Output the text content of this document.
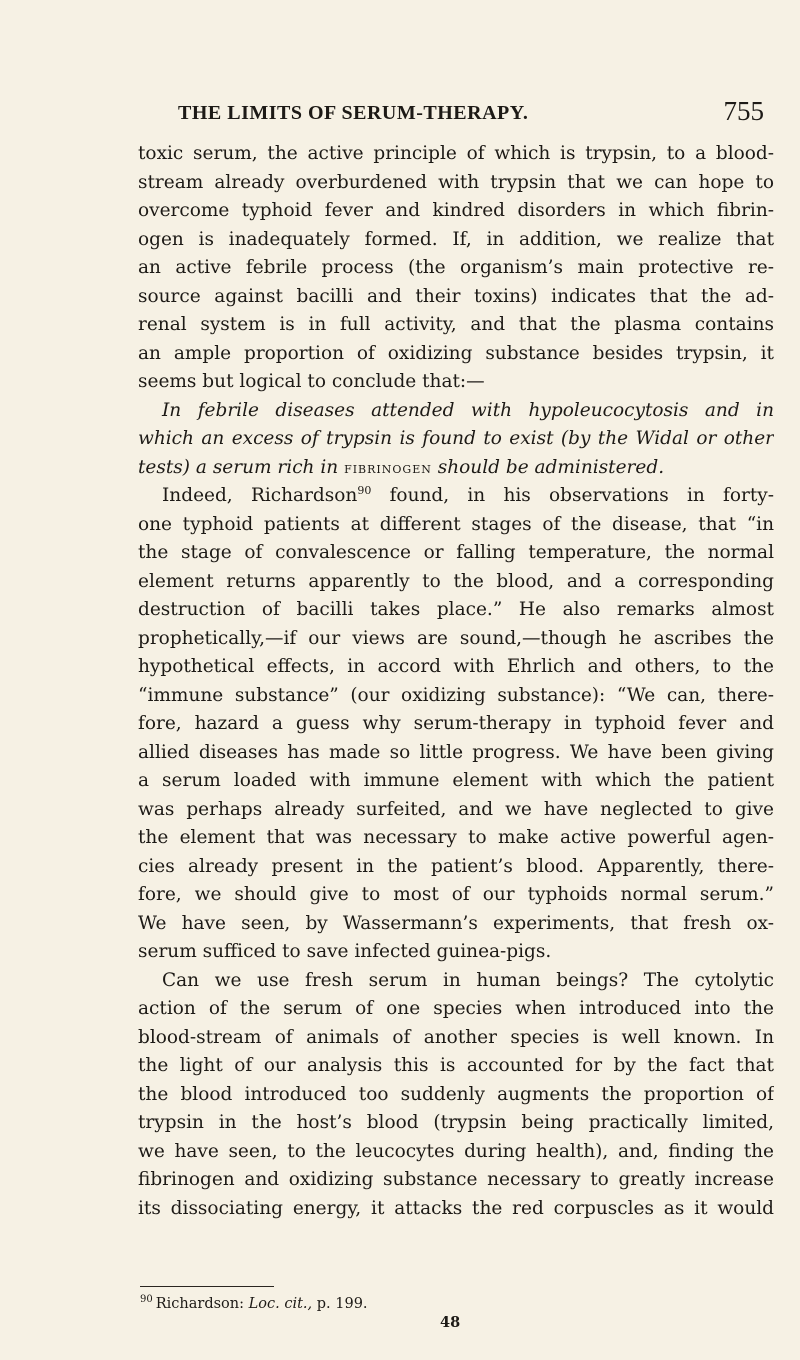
THE LIMITS OF SERUM-THERAPY.	755
toxic serum, the active principle of which is trypsin, to a blood-
stream already overburdened with trypsin that we can hope to
overcome typhoid fever and kindred disorders in which fibrin-
ogen is inadequately formed. If, in addition, we realize that
an active febrile process (the organism’s main protective re-
source against bacilli and their toxins) indicates that the ad-
renal system is in full activity, and that the plasma contains
an ample proportion of oxidizing substance besides trypsin, it
seems but logical to conclude that:—
In febrile diseases attended with hypoleucocytosis and in
which an excess of trypsin is found to exist (by the Widal or other
tests) a serum rich in fibrinogen should be administered.
Indeed, Richardson$^{90}$ found, in his observations in forty-
one typhoid patients at different stages of the disease, that “in
the stage of convalescence or falling temperature, the normal
element returns apparently to the blood, and a corresponding
destruction of bacilli takes place.” He also remarks almost
prophetically,—if our views are sound,—though he ascribes the
hypothetical effects, in accord with Ehrlich and others, to the
“immune substance” (our oxidizing substance): “We can, there-
fore, hazard a guess why serum-therapy in typhoid fever and
allied diseases has made so little progress. We have been giving
a serum loaded with immune element with which the patient
was perhaps already surfeited, and we have neglected to give
the element that was necessary to make active powerful agen-
cies already present in the patient’s blood. Apparently, there-
fore, we should give to most of our typhoids normal serum.”
We have seen, by Wassermann’s experiments, that fresh ox-
serum sufficed to save infected guinea-pigs.
Can we use fresh serum in human beings? The cytolytic
action of the serum of one species when introduced into the
blood-stream of animals of another species is well known. In
the light of our analysis this is accounted for by the fact that
the blood introduced too suddenly augments the proportion of
trypsin in the host’s blood (trypsin being practically limited,
we have seen, to the leucocytes during health), and, finding the
fibrinogen and oxidizing substance necessary to greatly increase
its dissociating energy, it attacks the red corpuscles as it would
$^{90}$ Richardson: Loc. cit., p. 199.
48
